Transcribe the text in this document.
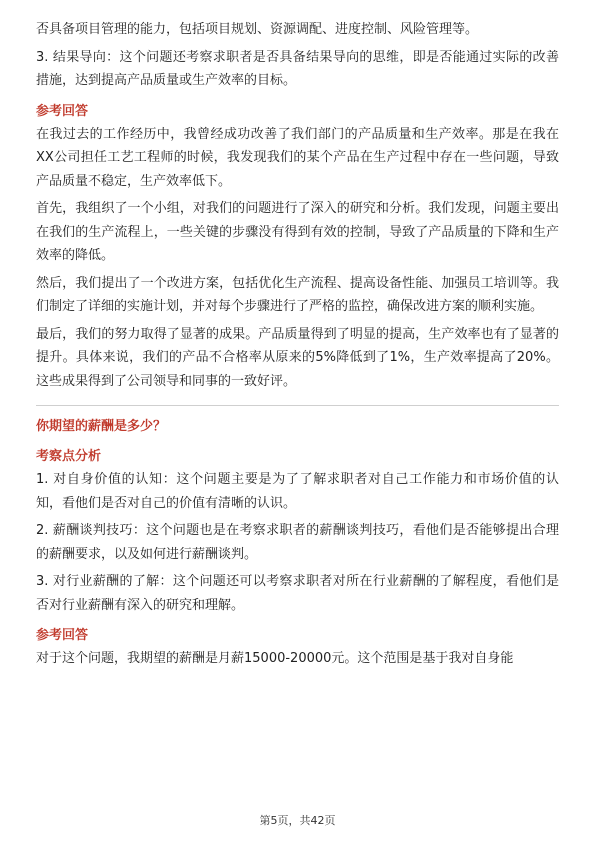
否具备项目管理的能力，包括项目规划、资源调配、进度控制、风险管理等。

3. 结果导向：这个问题还考察求职者是否具备结果导向的思维，即是否能通过实际的改善措施，达到提高产品质量或生产效率的目标。

参考回答

在我过去的工作经历中，我曾经成功改善了我们部门的产品质量和生产效率。那是在我在XX公司担任工艺工程师的时候，我发现我们的某个产品在生产过程中存在一些问题，导致产品质量不稳定，生产效率低下。

首先，我组织了一个小组，对我们的问题进行了深入的研究和分析。我们发现，问题主要出在我们的生产流程上，一些关键的步骤没有得到有效的控制，导致了产品质量的下降和生产效率的降低。

然后，我们提出了一个改进方案，包括优化生产流程、提高设备性能、加强员工培训等。我们制定了详细的实施计划，并对每个步骤进行了严格的监控，确保改进方案的顺利实施。

最后，我们的努力取得了显著的成果。产品质量得到了明显的提高，生产效率也有了显著的提升。具体来说，我们的产品不合格率从原来的5%降低到了1%，生产效率提高了20%。这些成果得到了公司领导和同事的一致好评。

你期望的薪酬是多少？
考察点分析

1. 对自身价值的认知：这个问题主要是为了了解求职者对自己工作能力和市场价值的认知，看他们是否对自己的价值有清晰的认识。

2. 薪酬谈判技巧：这个问题也是在考察求职者的薪酬谈判技巧，看他们是否能够提出合理的薪酬要求，以及如何进行薪酬谈判。

3. 对行业薪酬的了解：这个问题还可以考察求职者对所在行业薪酬的了解程度，看他们是否对行业薪酬有深入的研究和理解。

参考回答

对于这个问题，我期望的薪酬是月薪15000-20000元。这个范围是基于我对自身能

第5页，共42页
